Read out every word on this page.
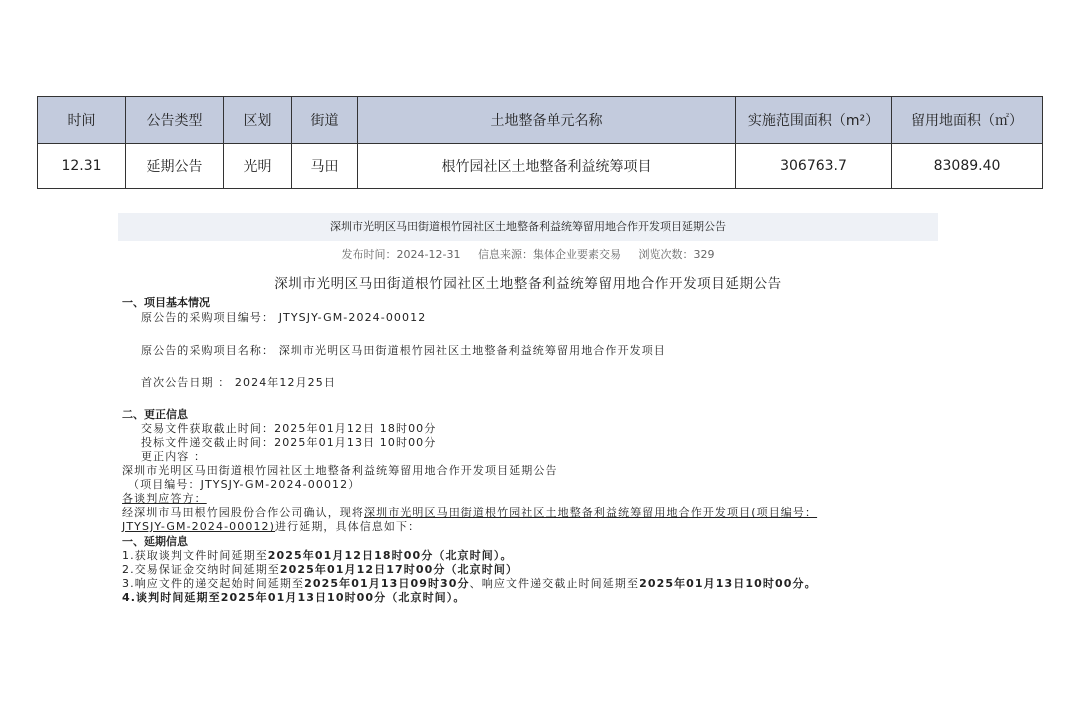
时间	公告类型	区划	街道	土地整备单元名称	实施范围面积（m²）	留用地面积（㎡）
12.31	延期公告	光明	马田	根竹园社区土地整备利益统筹项目	306763.7	83089.40
深圳市光明区马田街道根竹园社区土地整备利益统筹留用地合作开发项目延期公告
发布时间：2024-12-31 信息来源：集体企业要素交易 浏览次数：329
深圳市光明区马田街道根竹园社区土地整备利益统筹留用地合作开发项目延期公告
一、项目基本情况
原公告的采购项目编号： JTYSJY-GM-2024-00012
原公告的采购项目名称： 深圳市光明区马田街道根竹园社区土地整备利益统筹留用地合作开发项目
首次公告日期 ： 2024年12月25日
二、更正信息
交易文件获取截止时间：2025年01月12日 18时00分
投标文件递交截止时间：2025年01月13日 10时00分
更正内容 ：
深圳市光明区马田街道根竹园社区土地整备利益统筹留用地合作开发项目延期公告
（项目编号：JTYSJY-GM-2024-00012）
各谈判应答方：
经深圳市马田根竹园股份合作公司确认，现将深圳市光明区马田街道根竹园社区土地整备利益统筹留用地合作开发项目(项目编号：
JTYSJY-GM-2024-00012)进行延期，具体信息如下：
一、延期信息
1.获取谈判文件时间延期至2025年01月12日18时00分（北京时间）。
2.交易保证金交纳时间延期至2025年01月12日17时00分（北京时间）
3.响应文件的递交起始时间延期至2025年01月13日09时30分、响应文件递交截止时间延期至2025年01月13日10时00分。
4.谈判时间延期至2025年01月13日10时00分（北京时间）。
